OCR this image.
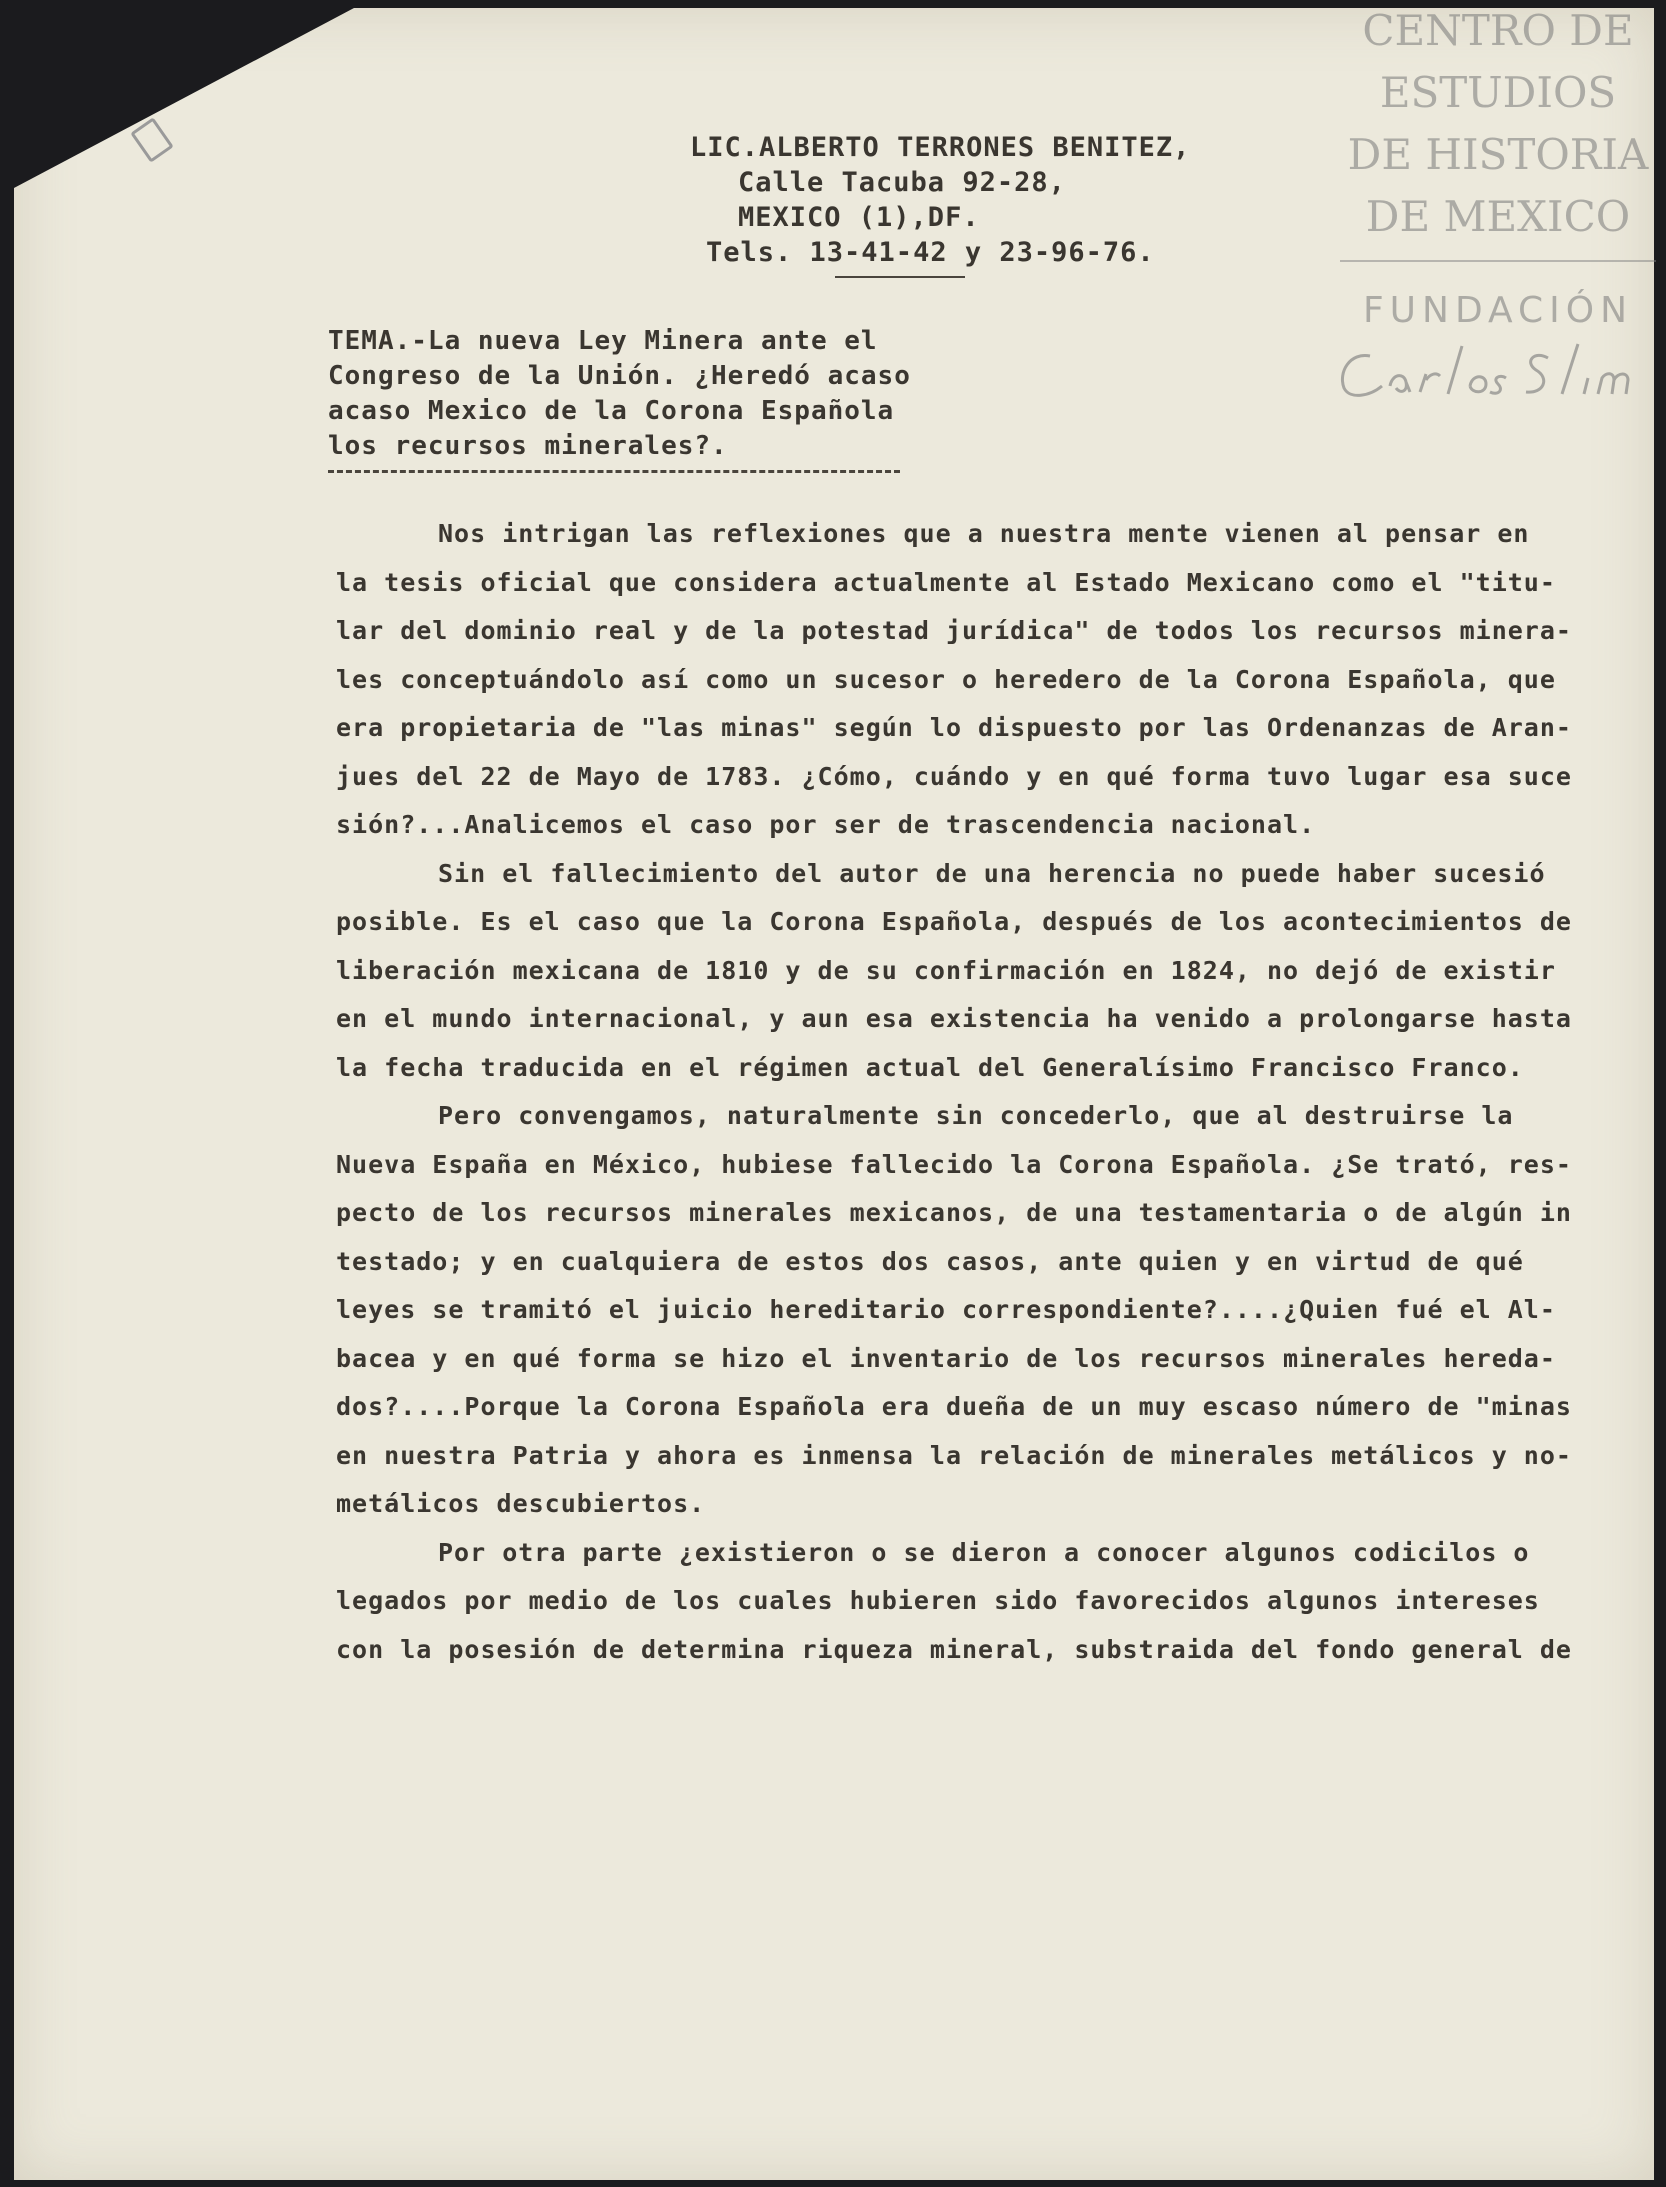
CENTRO DE
ESTUDIOS
DE HISTORIA
DE MEXICO
FUNDACIÓN
LIC.ALBERTO TERRONES BENITEZ,
Calle Tacuba 92-28,
MEXICO (1),DF.
Tels. 13-41-42 y 23-96-76.
TEMA.-La nueva Ley Minera ante el
Congreso de la Unión. ¿Heredó acaso
acaso Mexico de la Corona Española
los recursos minerales?.
Nos intrigan las reflexiones que a nuestra mente vienen al pensar en
la tesis oficial que considera actualmente al Estado Mexicano como el "titu-
lar del dominio real y de la potestad jurídica" de todos los recursos minera-
les conceptuándolo así como un sucesor o heredero de la Corona Española, que
era propietaria de "las minas" según lo dispuesto por las Ordenanzas de Aran-
jues del 22 de Mayo de 1783. ¿Cómo, cuándo y en qué forma tuvo lugar esa suce
sión?...Analicemos el caso por ser de trascendencia nacional.
Sin el fallecimiento del autor de una herencia no puede haber sucesió
posible. Es el caso que la Corona Española, después de los acontecimientos de
liberación mexicana de 1810 y de su confirmación en 1824, no dejó de existir
en el mundo internacional, y aun esa existencia ha venido a prolongarse hasta
la fecha traducida en el régimen actual del Generalísimo Francisco Franco.
Pero convengamos, naturalmente sin concederlo, que al destruirse la
Nueva España en México, hubiese fallecido la Corona Española. ¿Se trató, res-
pecto de los recursos minerales mexicanos, de una testamentaria o de algún in
testado; y en cualquiera de estos dos casos, ante quien y en virtud de qué
leyes se tramitó el juicio hereditario correspondiente?....¿Quien fué el Al-
bacea y en qué forma se hizo el inventario de los recursos minerales hereda-
dos?....Porque la Corona Española era dueña de un muy escaso número de "minas
en nuestra Patria y ahora es inmensa la relación de minerales metálicos y no-
metálicos descubiertos.
Por otra parte ¿existieron o se dieron a conocer algunos codicilos o
legados por medio de los cuales hubieren sido favorecidos algunos intereses
con la posesión de determina riqueza mineral, substraida del fondo general de
